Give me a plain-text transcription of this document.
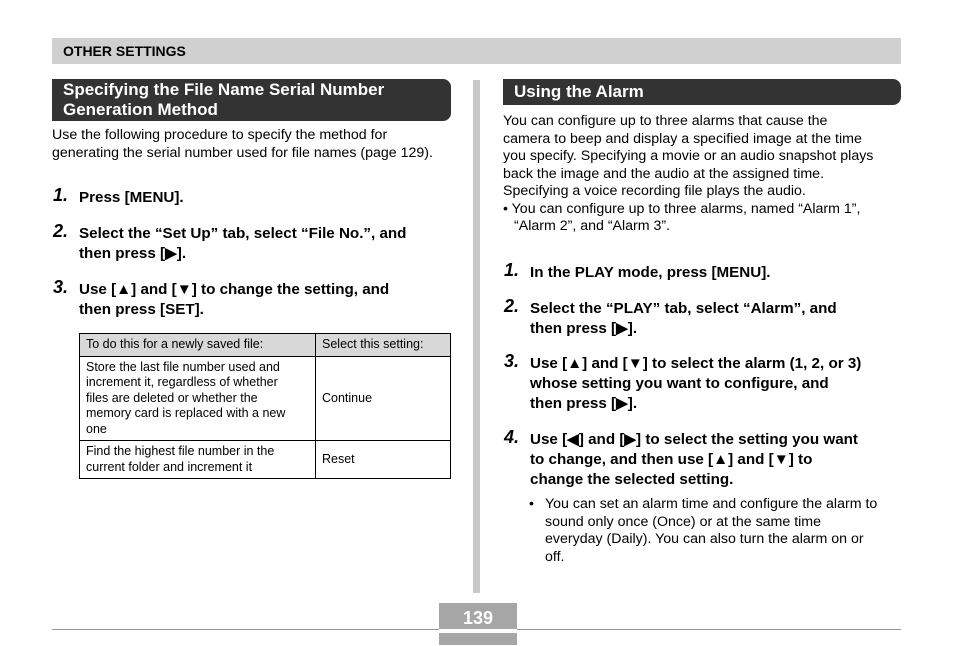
OTHER SETTINGS
Specifying the File Name Serial Number
Generation Method
Use the following procedure to specify the method for
generating the serial number used for file names (page 129).
1. Press [MENU].
2. Select the “Set Up” tab, select “File No.”, and
then press [▶].
3. Use [▲] and [▼] to change the setting, and
then press [SET].
To do this for a newly saved file:	Select this setting:

Store the last file number used and
increment it, regardless of whether
files are deleted or whether the
memory card is replaced with a new
one	Continue

Find the highest file number in the
current folder and increment it	Reset
Using the Alarm
You can configure up to three alarms that cause the
camera to beep and display a specified image at the time
you specify. Specifying a movie or an audio snapshot plays
back the image and the audio at the assigned time.
Specifying a voice recording file plays the audio.
• You can configure up to three alarms, named “Alarm 1”,
“Alarm 2”, and “Alarm 3”.
1. In the PLAY mode, press [MENU].
2. Select the “PLAY” tab, select “Alarm”, and
then press [▶].
3. Use [▲] and [▼] to select the alarm (1, 2, or 3)
whose setting you want to configure, and
then press [▶].
4. Use [◀] and [▶] to select the setting you want
to change, and then use [▲] and [▼] to
change the selected setting.
• You can set an alarm time and configure the alarm to
sound only once (Once) or at the same time
everyday (Daily). You can also turn the alarm on or
off.
139
